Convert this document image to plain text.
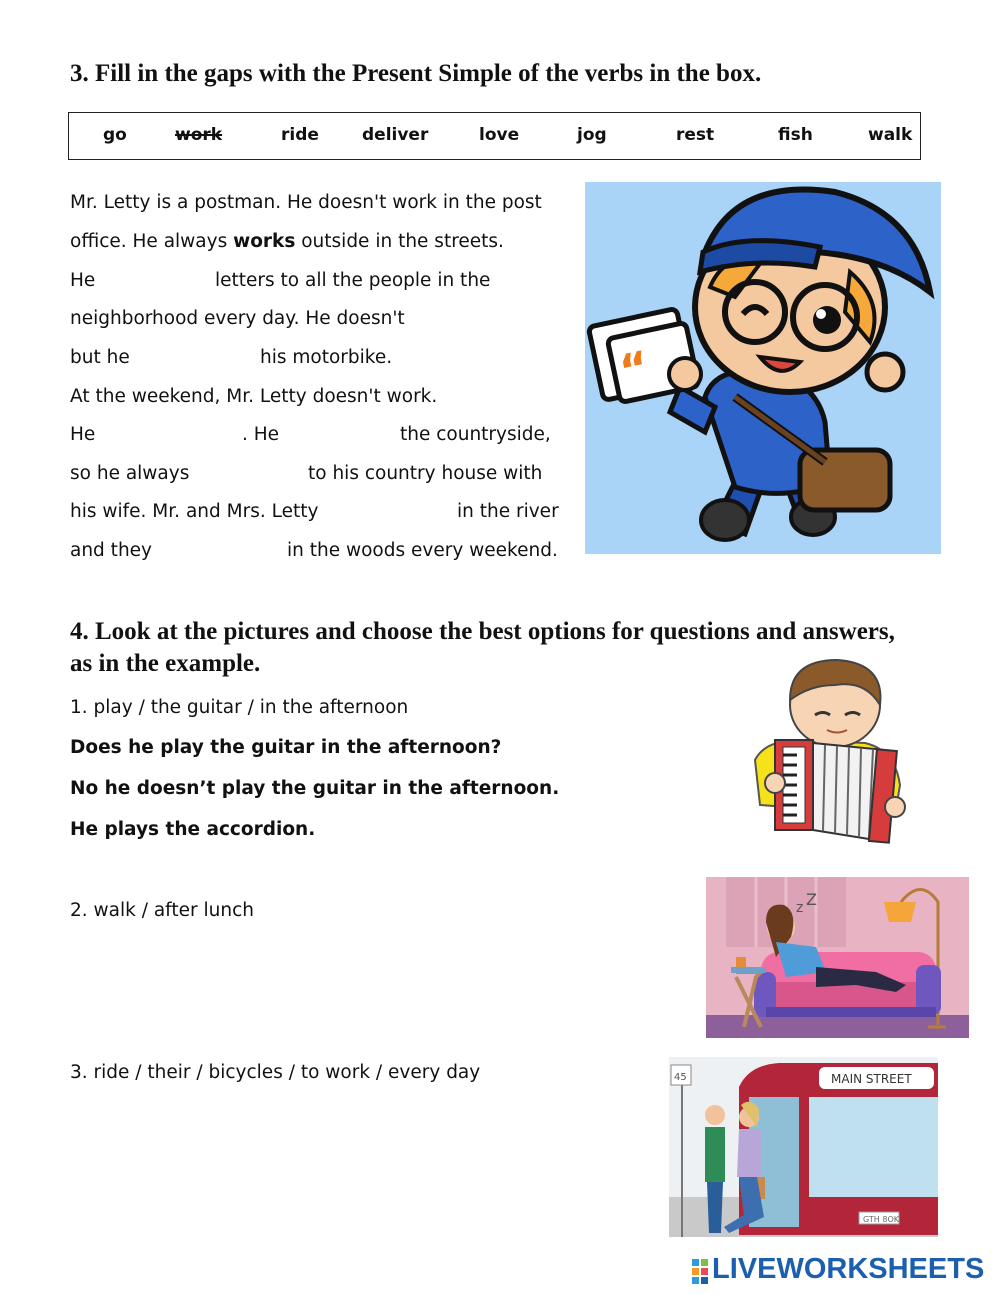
3. Fill in the gaps with the Present Simple of the verbs in the box.
go	work	ride	deliver	love	jog	rest	fish	walk
Mr. Letty is a postman. He doesn't work in the post
office. He always works outside in the streets.
He	letters to all the people in the
neighborhood every day. He doesn't
but he	his motorbike.
At the weekend, Mr. Letty doesn't work.
He	. He	the countryside,
so he always	to his country house with
his wife. Mr. and Mrs. Letty	in the river
and they	in the woods every weekend.
“
4. Look at the pictures and choose the best options for questions and answers,
as in the example.
1. play / the guitar / in the afternoon
Does he play the guitar in the afternoon?
No he doesn’t play the guitar in the afternoon.
He plays the accordion.
2. walk / after lunch	z Z
3. ride / their / bicycles / to work / every day	45	MAIN STREET
GTH 8OK
LIVEWORKSHEETS
